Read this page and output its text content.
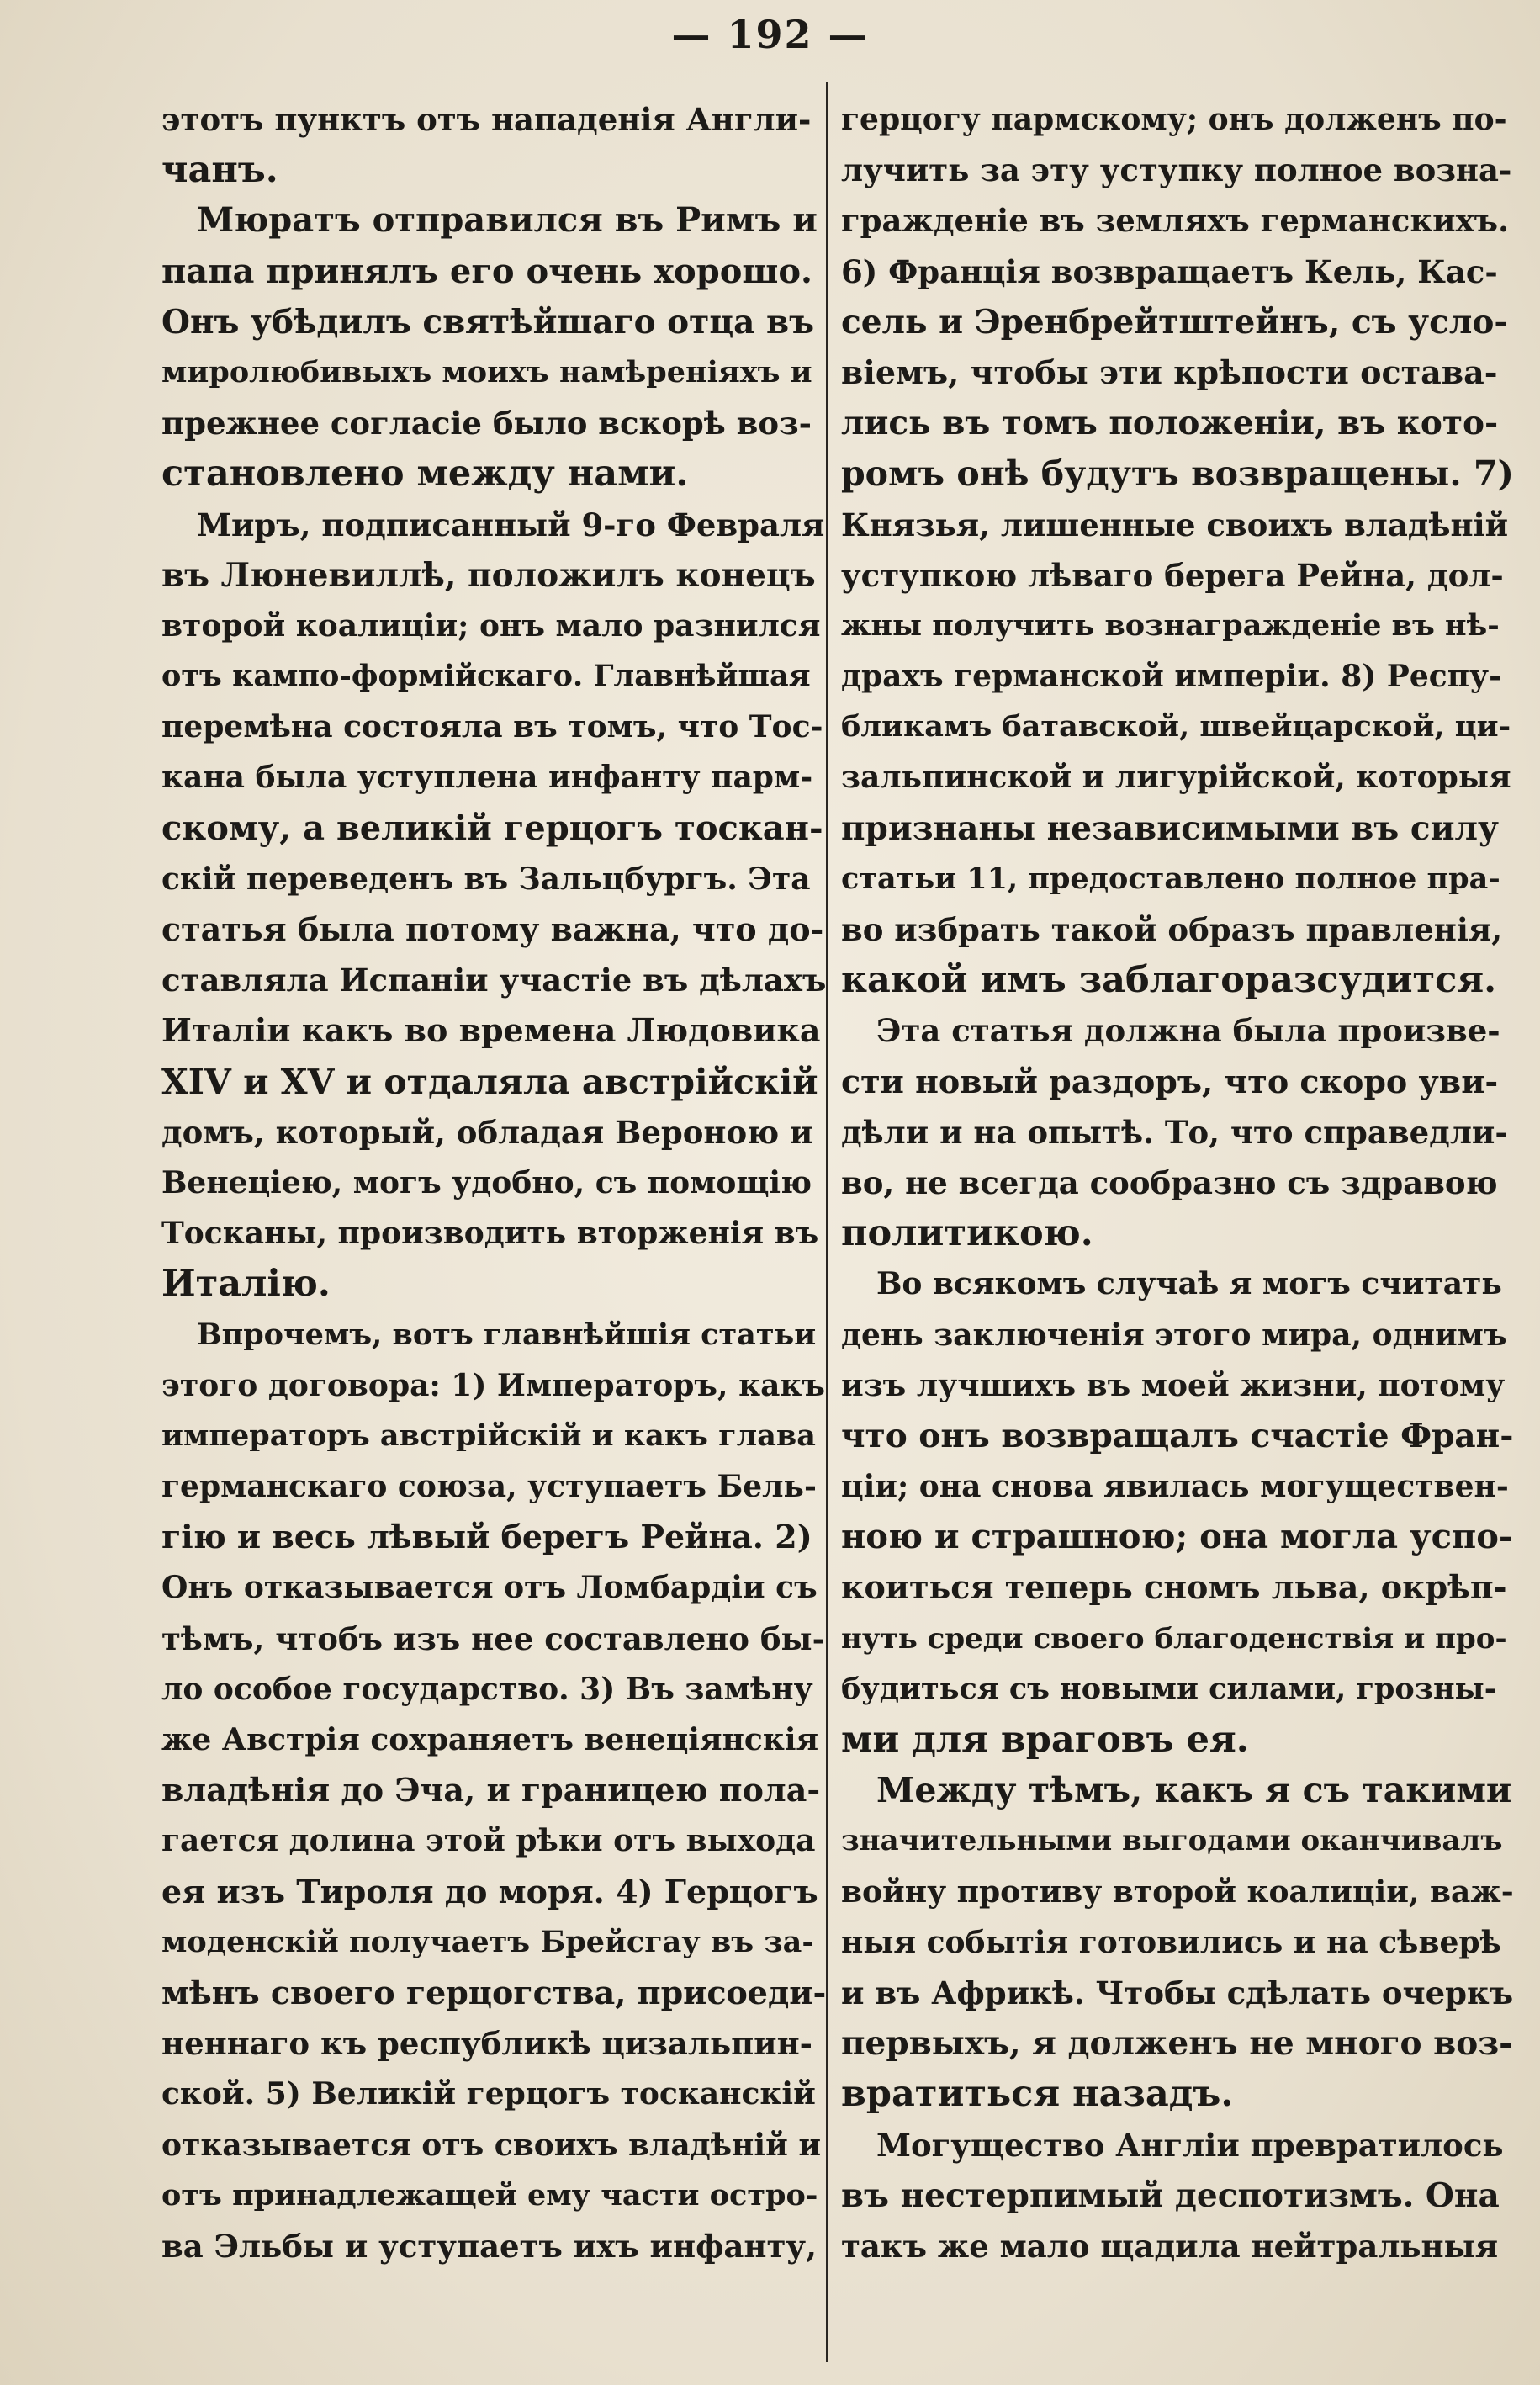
— 192 —
этотъ пунктъ отъ нападенія Англи-
чанъ.
Мюратъ отправился въ Римъ и
папа принялъ его очень хорошо.
Онъ убѣдилъ святѣйшаго отца въ
миролюбивыхъ моихъ намѣреніяхъ и
прежнее согласіе было вскорѣ воз-
становлено между нами.
Миръ, подписанный 9-го Февраля
въ Люневиллѣ, положилъ конецъ
второй коалиціи; онъ мало разнился
отъ кампо-формійскаго. Главнѣйшая
перемѣна состояла въ томъ, что Тос-
кана была уступлена инфанту парм-
скому, а великій герцогъ тоскан-
скій переведенъ въ Зальцбургъ. Эта
статья была потому важна, что до-
ставляла Испаніи участіе въ дѣлахъ
Италіи какъ во времена Людовика
XIV и XV и отдаляла австрійскій
домъ, который, обладая Вероною и
Венеціею, могъ удобно, съ помощію
Тосканы, производить вторженія въ
Италію.
Впрочемъ, вотъ главнѣйшія статьи
этого договора: 1) Императоръ, какъ
императоръ австрійскій и какъ глава
германскаго союза, уступаетъ Бель-
гію и весь лѣвый берегъ Рейна. 2)
Онъ отказывается отъ Ломбардіи съ
тѣмъ, чтобъ изъ нее составлено бы-
ло особое государство. 3) Въ замѣну
же Австрія сохраняетъ венеціянскія
владѣнія до Эча, и границею пола-
гается долина этой рѣки отъ выхода
ея изъ Тироля до моря. 4) Герцогъ
моденскій получаетъ Брейсгау въ за-
мѣнъ своего герцогства, присоеди-
неннаго къ республикѣ цизальпин-
ской. 5) Великій герцогъ тосканскій
отказывается отъ своихъ владѣній и
отъ принадлежащей ему части остро-
ва Эльбы и уступаетъ ихъ инфанту,
герцогу пармскому; онъ долженъ по-
лучить за эту уступку полное возна-
гражденіе въ земляхъ германскихъ.
6) Франція возвращаетъ Кель, Кас-
сель и Эренбрейтштейнъ, съ усло-
віемъ, чтобы эти крѣпости остава-
лись въ томъ положеніи, въ кото-
ромъ онѣ будутъ возвращены. 7)
Князья, лишенные своихъ владѣній
уступкою лѣваго берега Рейна, дол-
жны получить вознагражденіе въ нѣ-
драхъ германской имперіи. 8) Респу-
бликамъ батавской, швейцарской, ци-
зальпинской и лигурійской, которыя
признаны независимыми въ силу
статьи 11, предоставлено полное пра-
во избрать такой образъ правленія,
какой имъ заблагоразсудится.
Эта статья должна была произве-
сти новый раздоръ, что скоро уви-
дѣли и на опытѣ. То, что справедли-
во, не всегда сообразно съ здравою
политикою.
Во всякомъ случаѣ я могъ считать
день заключенія этого мира, однимъ
изъ лучшихъ въ моей жизни, потому
что онъ возвращалъ счастіе Фран-
ціи; она снова явилась могуществен-
ною и страшною; она могла успо-
коиться теперь сномъ льва, окрѣп-
нуть среди своего благоденствія и про-
будиться съ новыми силами, грозны-
ми для враговъ ея.
Между тѣмъ, какъ я съ такими
значительными выгодами оканчивалъ
войну противу второй коалиціи, важ-
ныя событія готовились и на сѣверѣ
и въ Африкѣ. Чтобы сдѣлать очеркъ
первыхъ, я долженъ не много воз-
вратиться назадъ.
Могущество Англіи превратилось
въ нестерпимый деспотизмъ. Она
такъ же мало щадила нейтральныя
